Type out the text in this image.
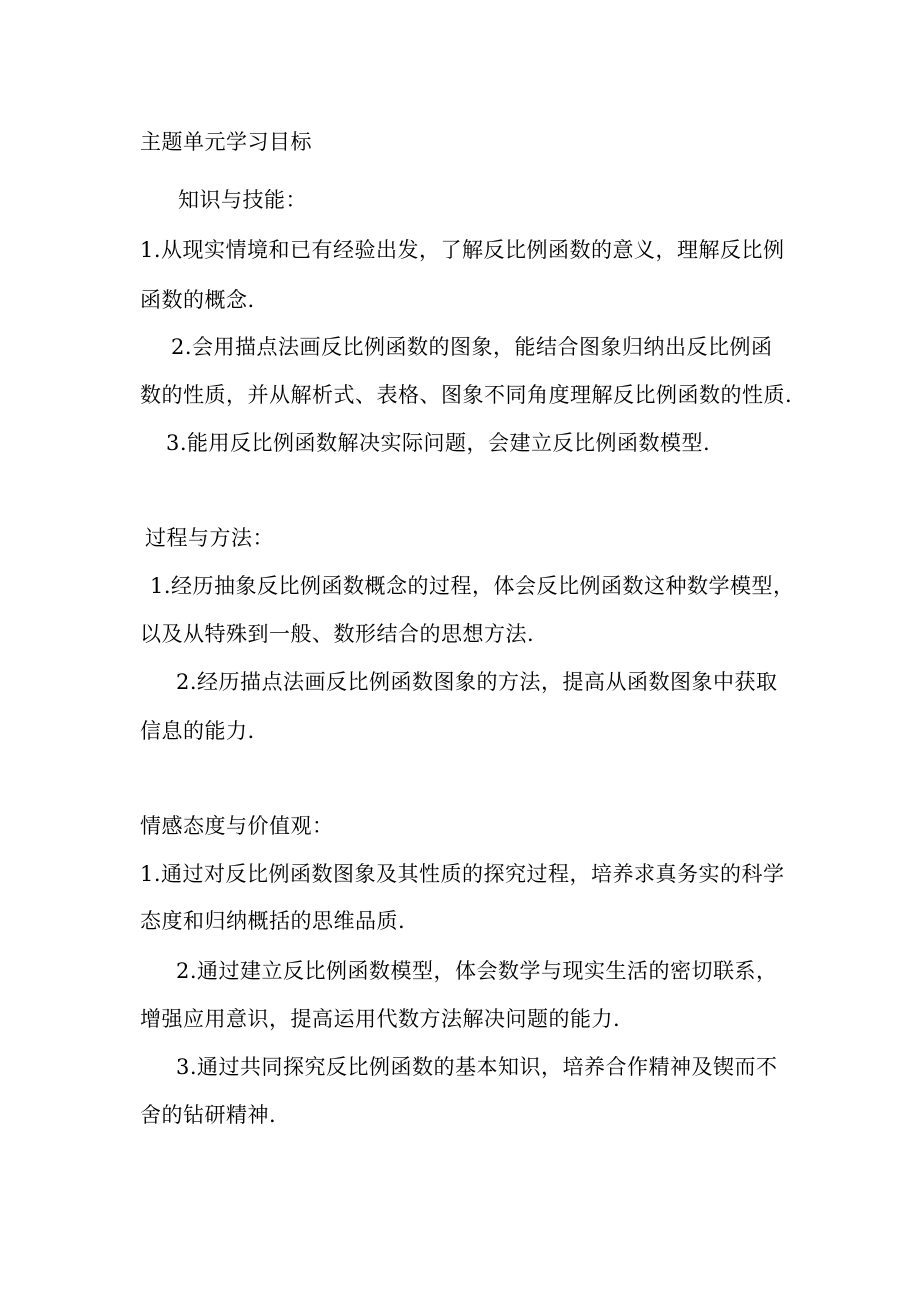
主题单元学习目标
知识与技能：
1.从现实情境和已有经验出发，了解反比例函数的意义，理解反比例
函数的概念.
2.会用描点法画反比例函数的图象，能结合图象归纳出反比例函
数的性质，并从解析式、表格、图象不同角度理解反比例函数的性质.
3.能用反比例函数解决实际问题，会建立反比例函数模型.
过程与方法：
1.经历抽象反比例函数概念的过程，体会反比例函数这种数学模型，
以及从特殊到一般、数形结合的思想方法.
2.经历描点法画反比例函数图象的方法，提高从函数图象中获取
信息的能力.
情感态度与价值观：
1.通过对反比例函数图象及其性质的探究过程，培养求真务实的科学
态度和归纳概括的思维品质.
2.通过建立反比例函数模型，体会数学与现实生活的密切联系，
增强应用意识，提高运用代数方法解决问题的能力.
3.通过共同探究反比例函数的基本知识，培养合作精神及锲而不
舍的钻研精神.
